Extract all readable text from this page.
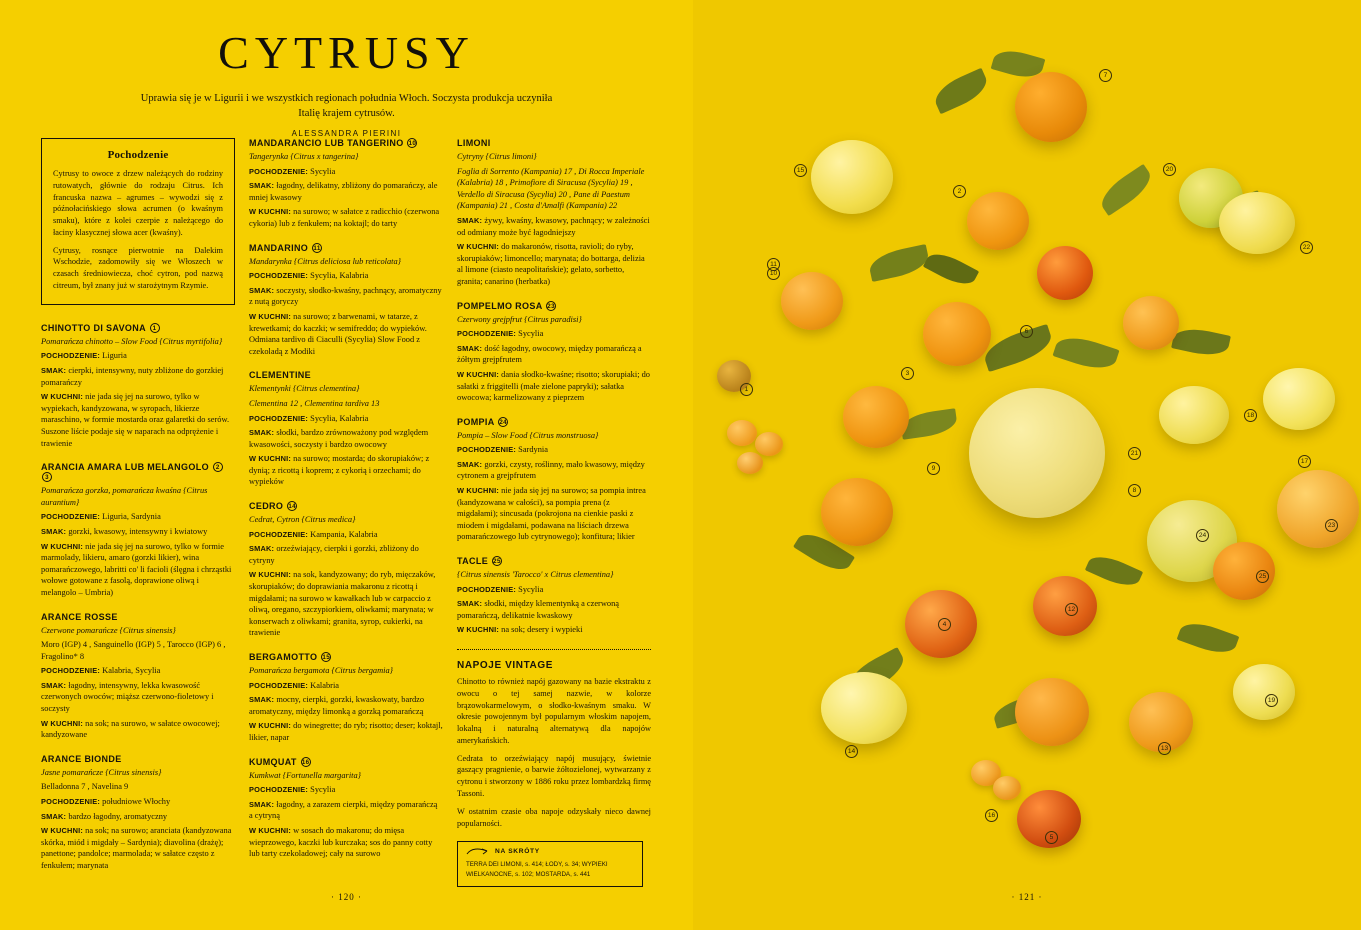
CYTRUSY

Uprawia się je w Ligurii i we wszystkich regionach południa Włoch. Soczysta produkcja uczyniła Italię krajem cytrusów.

ALESSANDRA PIERINI

Pochodzenie

Cytrusy to owoce z drzew należących do rodziny rutowatych, głównie do rodzaju Citrus. Ich francuska nazwa – agrumes – wywodzi się z późnołacińskiego słowa acrumen (o kwaśnym smaku), które z kolei czerpie z należącego do łaciny klasycznej słowa acer (kwaśny).

Cytrusy, rosnące pierwotnie na Dalekim Wschodzie, zadomowiły się we Włoszech w czasach średniowiecza, choć cytron, pod nazwą citreum, był znany już w starożytnym Rzymie.

CHINOTTO DI SAVONA 1
Pomarańcza chinotto – Slow Food {Citrus myrtifolia}
POCHODZENIE: Liguria
SMAK: cierpki, intensywny, nuty zbliżone do gorzkiej pomarańczy
W KUCHNI: nie jada się jej na surowo, tylko w wypiekach, kandyzowana, w syropach, likierze maraschino, w formie mostarda oraz galaretki do serów. Suszone liście podaje się w naparach na odprężenie i trawienie
ARANCIA AMARA LUB MELANGOLO 2 3
Pomarańcza gorzka, pomarańcza kwaśna {Citrus aurantium}
POCHODZENIE: Liguria, Sardynia
SMAK: gorzki, kwasowy, intensywny i kwiatowy
W KUCHNI: nie jada się jej na surowo, tylko w formie marmolady, likieru, amaro (gorzki likier), wina pomarańczowego, labritti co' li facioli (ślęgna i chrząstki wołowe gotowane z fasolą, doprawione oliwą i melangolo – Umbria)
ARANCE ROSSE
Czerwone pomarańcze {Citrus sinensis}
Moro (IGP) 4 , Sanguinello (IGP) 5 , Tarocco (IGP) 6 , Fragolino* 8
POCHODZENIE: Kalabria, Sycylia
SMAK: łagodny, intensywny, lekka kwasowość czerwonych owoców; miąższ czerwono-fioletowy i soczysty
W KUCHNI: na sok; na surowo, w sałatce owocowej; kandyzowane
ARANCE BIONDE
Jasne pomarańcze {Citrus sinensis}
Belladonna 7 , Navelina 9
POCHODZENIE: południowe Włochy
SMAK: bardzo łagodny, aromatyczny
W KUCHNI: na sok; na surowo; aranciata (kandyzowana skórka, miód i migdały – Sardynia); diavolina (drażę); panettone; pandolce; marmolada; w sałatce często z fenkułem; marynata
MANDARANCIO LUB TANGERINO 10
Tangerynka {Citrus x tangerina}
POCHODZENIE: Sycylia
SMAK: łagodny, delikatny, zbliżony do pomarańczy, ale mniej kwasowy
W KUCHNI: na surowo; w sałatce z radicchio (czerwona cykoria) lub z fenkułem; na koktajl; do tarty
MANDARINO 11
Mandarynka {Citrus deliciosa lub reticolata}
POCHODZENIE: Sycylia, Kalabria
SMAK: soczysty, słodko-kwaśny, pachnący, aromatyczny z nutą goryczy
W KUCHNI: na surowo; z barwenami, w tatarze, z krewetkami; do kaczki; w semifreddo; do wypieków. Odmiana tardivo di Ciaculli (Sycylia) Slow Food z czekoladą z Modiki
CLEMENTINE
Klementynki {Citrus clementina}
Clementina 12 , Clementina tardiva 13
POCHODZENIE: Sycylia, Kalabria
SMAK: słodki, bardzo zrównoważony pod względem kwasowości, soczysty i bardzo owocowy
W KUCHNI: na surowo; mostarda; do skorupiaków; z dynią; z ricottą i koprem; z cykorią i orzechami; do wypieków
CEDRO 14
Cedrat, Cytron {Citrus medica}
POCHODZENIE: Kampania, Kalabria
SMAK: orzeźwiający, cierpki i gorzki, zbliżony do cytryny
W KUCHNI: na sok, kandyzowany; do ryb, mięczaków, skorupiaków; do doprawiania makaronu z ricottą i migdałami; na surowo w kawałkach lub w carpaccio z oliwą, oregano, szczypiorkiem, oliwkami; marynata; w konserwach z oliwkami; granita, syrop, cukierki, na trawienie
BERGAMOTTO 15
Pomarańcza bergamota {Citrus bergamia}
POCHODZENIE: Kalabria
SMAK: mocny, cierpki, gorzki, kwaskowaty, bardzo aromatyczny, między limonką a gorzką pomarańczą
W KUCHNI: do winegrette; do ryb; risotto; deser; koktajl, likier, napar
KUMQUAT 16
Kumkwat {Fortunella margarita}
POCHODZENIE: Sycylia
SMAK: łagodny, a zarazem cierpki, między pomarańczą a cytryną
W KUCHNI: w sosach do makaronu; do mięsa wieprzowego, kaczki lub kurczaka; sos do panny cotty lub tarty czekoladowej; cały na surowo
LIMONI
Cytryny {Citrus limoni}
Foglia di Sorrento (Kampania) 17 , Di Rocca Imperiale (Kalabria) 18 , Primofiore di Siracusa (Sycylia) 19 , Verdello di Siracusa (Sycylia) 20 , Pane di Paestum (Kampania) 21 , Costa d'Amalfi (Kampania) 22
SMAK: żywy, kwaśny, kwasowy, pachnący; w zależności od odmiany może być łagodniejszy
W KUCHNI: do makaronów, risotta, ravioli; do ryby, skorupiaków; limoncello; marynata; do bottarga, delizia al limone (ciasto neapolitańskie); gelato, sorbetto, granita; canarino (herbatka)
POMPELMO ROSA 23
Czerwony grejpfrut {Citrus paradisi}
POCHODZENIE: Sycylia
SMAK: dość łagodny, owocowy, między pomarańczą a żółtym grejpfrutem
W KUCHNI: dania słodko-kwaśne; risotto; skorupiaki; do sałatki z friggitelli (małe zielone papryki); sałatka owocowa; karmelizowany z pieprzem
POMPIA 24
Pompia – Slow Food {Citrus monstruosa}
POCHODZENIE: Sardynia
SMAK: gorzki, czysty, roślinny, mało kwasowy, między cytronem a grejpfrutem
W KUCHNI: nie jada się jej na surowo; sa pompia intrea (kandyzowana w całości), sa pompia prena (z migdałami); sincusada (pokrojona na cienkie paski z miodem i migdałami, podawana na liściach drzewa pomarańczowego lub cytrynowego); konfitura; likier
TACLE 25
{Citrus sinensis 'Tarocco' x Citrus clementina}
POCHODZENIE: Sycylia
SMAK: słodki, między klementynką a czerwoną pomarańczą, delikatnie kwaskowy
W KUCHNI: na sok; desery i wypieki
NAPOJE VINTAGE

Chinotto to również napój gazowany na bazie ekstraktu z owocu o tej samej nazwie, w kolorze brązowokarmelowym, o słodko-kwaśnym smaku. W okresie powojennym był popularnym włoskim napojem, lokalną i naturalną alternatywą dla napojów amerykańskich.

Cedrata to orzeźwiający napój musujący, świetnie gaszący pragnienie, o barwie żółtozielonej, wytwarzany z cytronu i stworzony w 1886 roku przez lombardzką firmę Tassoni.

W ostatnim czasie oba napoje odzyskały nieco dawnej popularności.

NA SKRÓTY
TERRA DEI LIMONI, s. 414; ŁODY, s. 34; WYPIEKI
WIELKANOCNE, s. 102; MOSTARDA, s. 441
· 120 ·
1
2
3
4
5
6
7
8
9
10
12
13
14
15
16
17
18
19
20
21
22
23
24
25
11
· 121 ·
